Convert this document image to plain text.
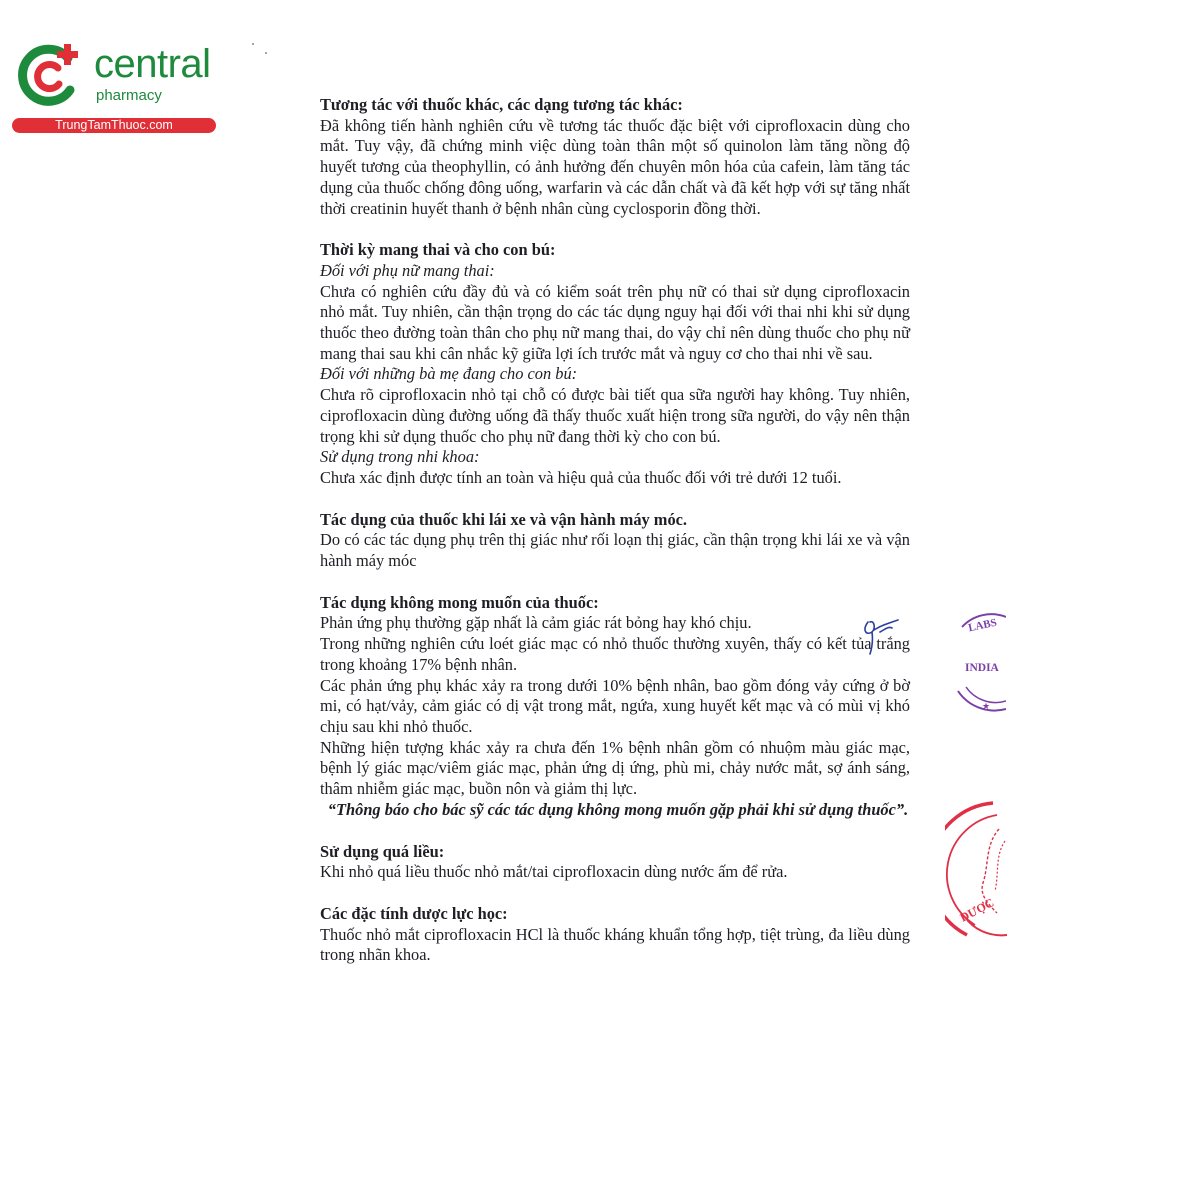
central
pharmacy
TrungTamThuoc.com
Tương tác với thuốc khác, các dạng tương tác khác:

Đã không tiến hành nghiên cứu về tương tác thuốc đặc biệt với ciprofloxacin dùng cho mắt. Tuy vậy, đã chứng minh việc dùng toàn thân một số quinolon làm tăng nồng độ huyết tương của theophyllin, có ảnh hưởng đến chuyên môn hóa của cafein, làm tăng tác dụng của thuốc chống đông uống, warfarin và các dẫn chất và đã kết hợp với sự tăng nhất thời creatinin huyết thanh ở bệnh nhân cùng cyclosporin đồng thời.

Thời kỳ mang thai và cho con bú:
Đối với phụ nữ mang thai:

Chưa có nghiên cứu đầy đủ và có kiểm soát trên phụ nữ có thai sử dụng ciprofloxacin nhỏ mắt. Tuy nhiên, cần thận trọng do các tác dụng nguy hại đối với thai nhi khi sử dụng thuốc theo đường toàn thân cho phụ nữ mang thai, do vậy chỉ nên dùng thuốc cho phụ nữ mang thai sau khi cân nhắc kỹ giữa lợi ích trước mắt và nguy cơ cho thai nhi về sau.

Đối với những bà mẹ đang cho con bú:

Chưa rõ ciprofloxacin nhỏ tại chỗ có được bài tiết qua sữa người hay không. Tuy nhiên, ciprofloxacin dùng đường uống đã thấy thuốc xuất hiện trong sữa người, do vậy nên thận trọng khi sử dụng thuốc cho phụ nữ đang thời kỳ cho con bú.

Sử dụng trong nhi khoa:

Chưa xác định được tính an toàn và hiệu quả của thuốc đối với trẻ dưới 12 tuổi.

Tác dụng của thuốc khi lái xe và vận hành máy móc.

Do có các tác dụng phụ trên thị giác như rối loạn thị giác, cần thận trọng khi lái xe và vận hành máy móc

Tác dụng không mong muốn của thuốc:

Phản ứng phụ thường gặp nhất là cảm giác rát bỏng hay khó chịu.

Trong những nghiên cứu loét giác mạc có nhỏ thuốc thường xuyên, thấy có kết tủa trắng trong khoảng 17% bệnh nhân.

Các phản ứng phụ khác xảy ra trong dưới 10% bệnh nhân, bao gồm đóng vảy cứng ở bờ mi, có hạt/vảy, cảm giác có dị vật trong mắt, ngứa, xung huyết kết mạc và có mùi vị khó chịu sau khi nhỏ thuốc.

Những hiện tượng khác xảy ra chưa đến 1% bệnh nhân gồm có nhuộm màu giác mạc, bệnh lý giác mạc/viêm giác mạc, phản ứng dị ứng, phù mi, chảy nước mắt, sợ ánh sáng, thâm nhiễm giác mạc, buồn nôn và giảm thị lực.

“Thông báo cho bác sỹ các tác dụng không mong muốn gặp phải khi sử dụng thuốc”.
Sử dụng quá liều:

Khi nhỏ quá liều thuốc nhỏ mắt/tai ciprofloxacin dùng nước ấm để rửa.

Các đặc tính dược lực học:

Thuốc nhỏ mắt ciprofloxacin HCl là thuốc kháng khuẩn tổng hợp, tiệt trùng, đa liều dùng trong nhãn khoa.

LABS
INDIA
★
DƯỢC
